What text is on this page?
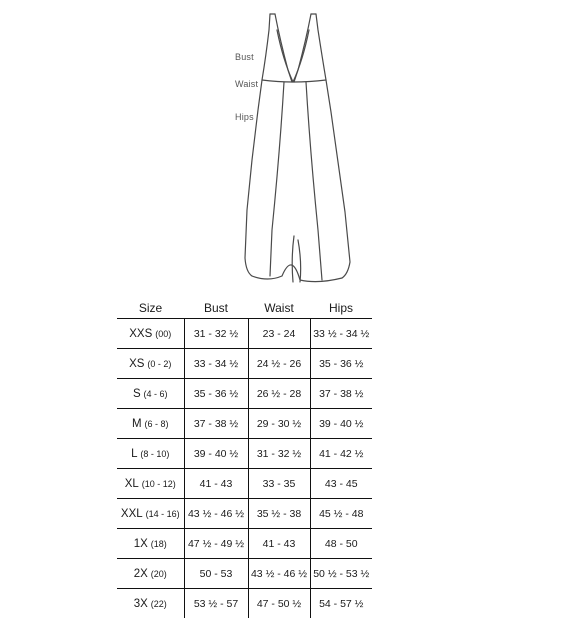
Bust
Waist
Hips
Size	Bust	Waist	Hips
XXS (00)	31 - 32 ½	23 - 24	33 ½ - 34 ½
XS (0 - 2)	33 - 34 ½	24 ½ - 26	35 - 36 ½
S (4 - 6)	35 - 36 ½	26 ½ - 28	37 - 38 ½
M (6 - 8)	37 - 38 ½	29 - 30 ½	39 - 40 ½
L (8 - 10)	39 - 40 ½	31 - 32 ½	41 - 42 ½
XL (10 - 12)	41 - 43	33 - 35	43 - 45
XXL (14 - 16)	43 ½ - 46 ½	35 ½ - 38	45 ½ - 48
1X (18)	47 ½ - 49 ½	41 - 43	48 - 50
2X (20)	50 - 53	43 ½ - 46 ½	50 ½ - 53 ½
3X (22)	53 ½ - 57	47 - 50 ½	54 - 57 ½
